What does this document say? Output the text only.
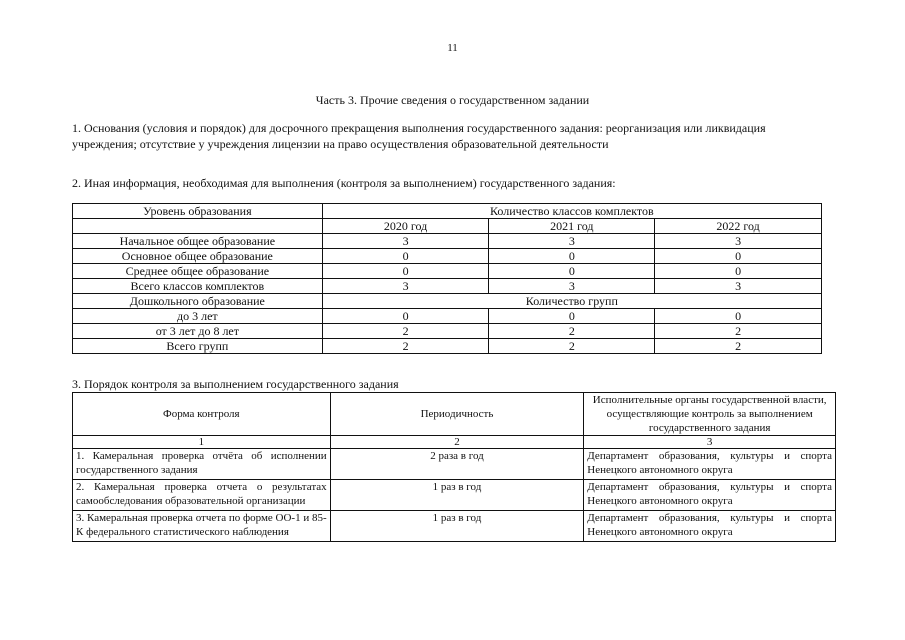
11
Часть 3. Прочие сведения о государственном задании
1. Основания (условия и порядок) для досрочного прекращения выполнения государственного задания: реорганизация или ликвидация учреждения; отсутствие у учреждения лицензии на право осуществления образовательной деятельности
2. Иная информация, необходимая для выполнения (контроля за выполнением) государственного задания:
Уровень образования	Количество классов комплектов		
	2020 год	2021 год	2022 год
Начальное общее образование	3	3	3
Основное общее образование	0	0	0
Среднее общее образование	0	0	0
Всего классов комплектов	3	3	3
Дошкольного образование	Количество групп		
до 3 лет	0	0	0
от 3 лет до 8 лет	2	2	2
Всего групп	2	2	2
3. Порядок контроля за выполнением государственного задания
Форма контроля	Периодичность	Исполнительные органы государственной власти, осуществляющие контроль за выполнением государственного задания
1	2	3
1. Камеральная проверка отчёта об исполнении государственного задания	2 раза в год	Департамент образования, культуры и спорта Ненецкого автономного округа
2. Камеральная проверка отчета о результатах самообследования образовательной организации	1 раз в год	Департамент образования, культуры и спорта Ненецкого автономного округа
3. Камеральная проверка отчета по форме ОО-1 и 85-К федерального статистического наблюдения	1 раз в год	Департамент образования, культуры и спорта Ненецкого автономного округа
